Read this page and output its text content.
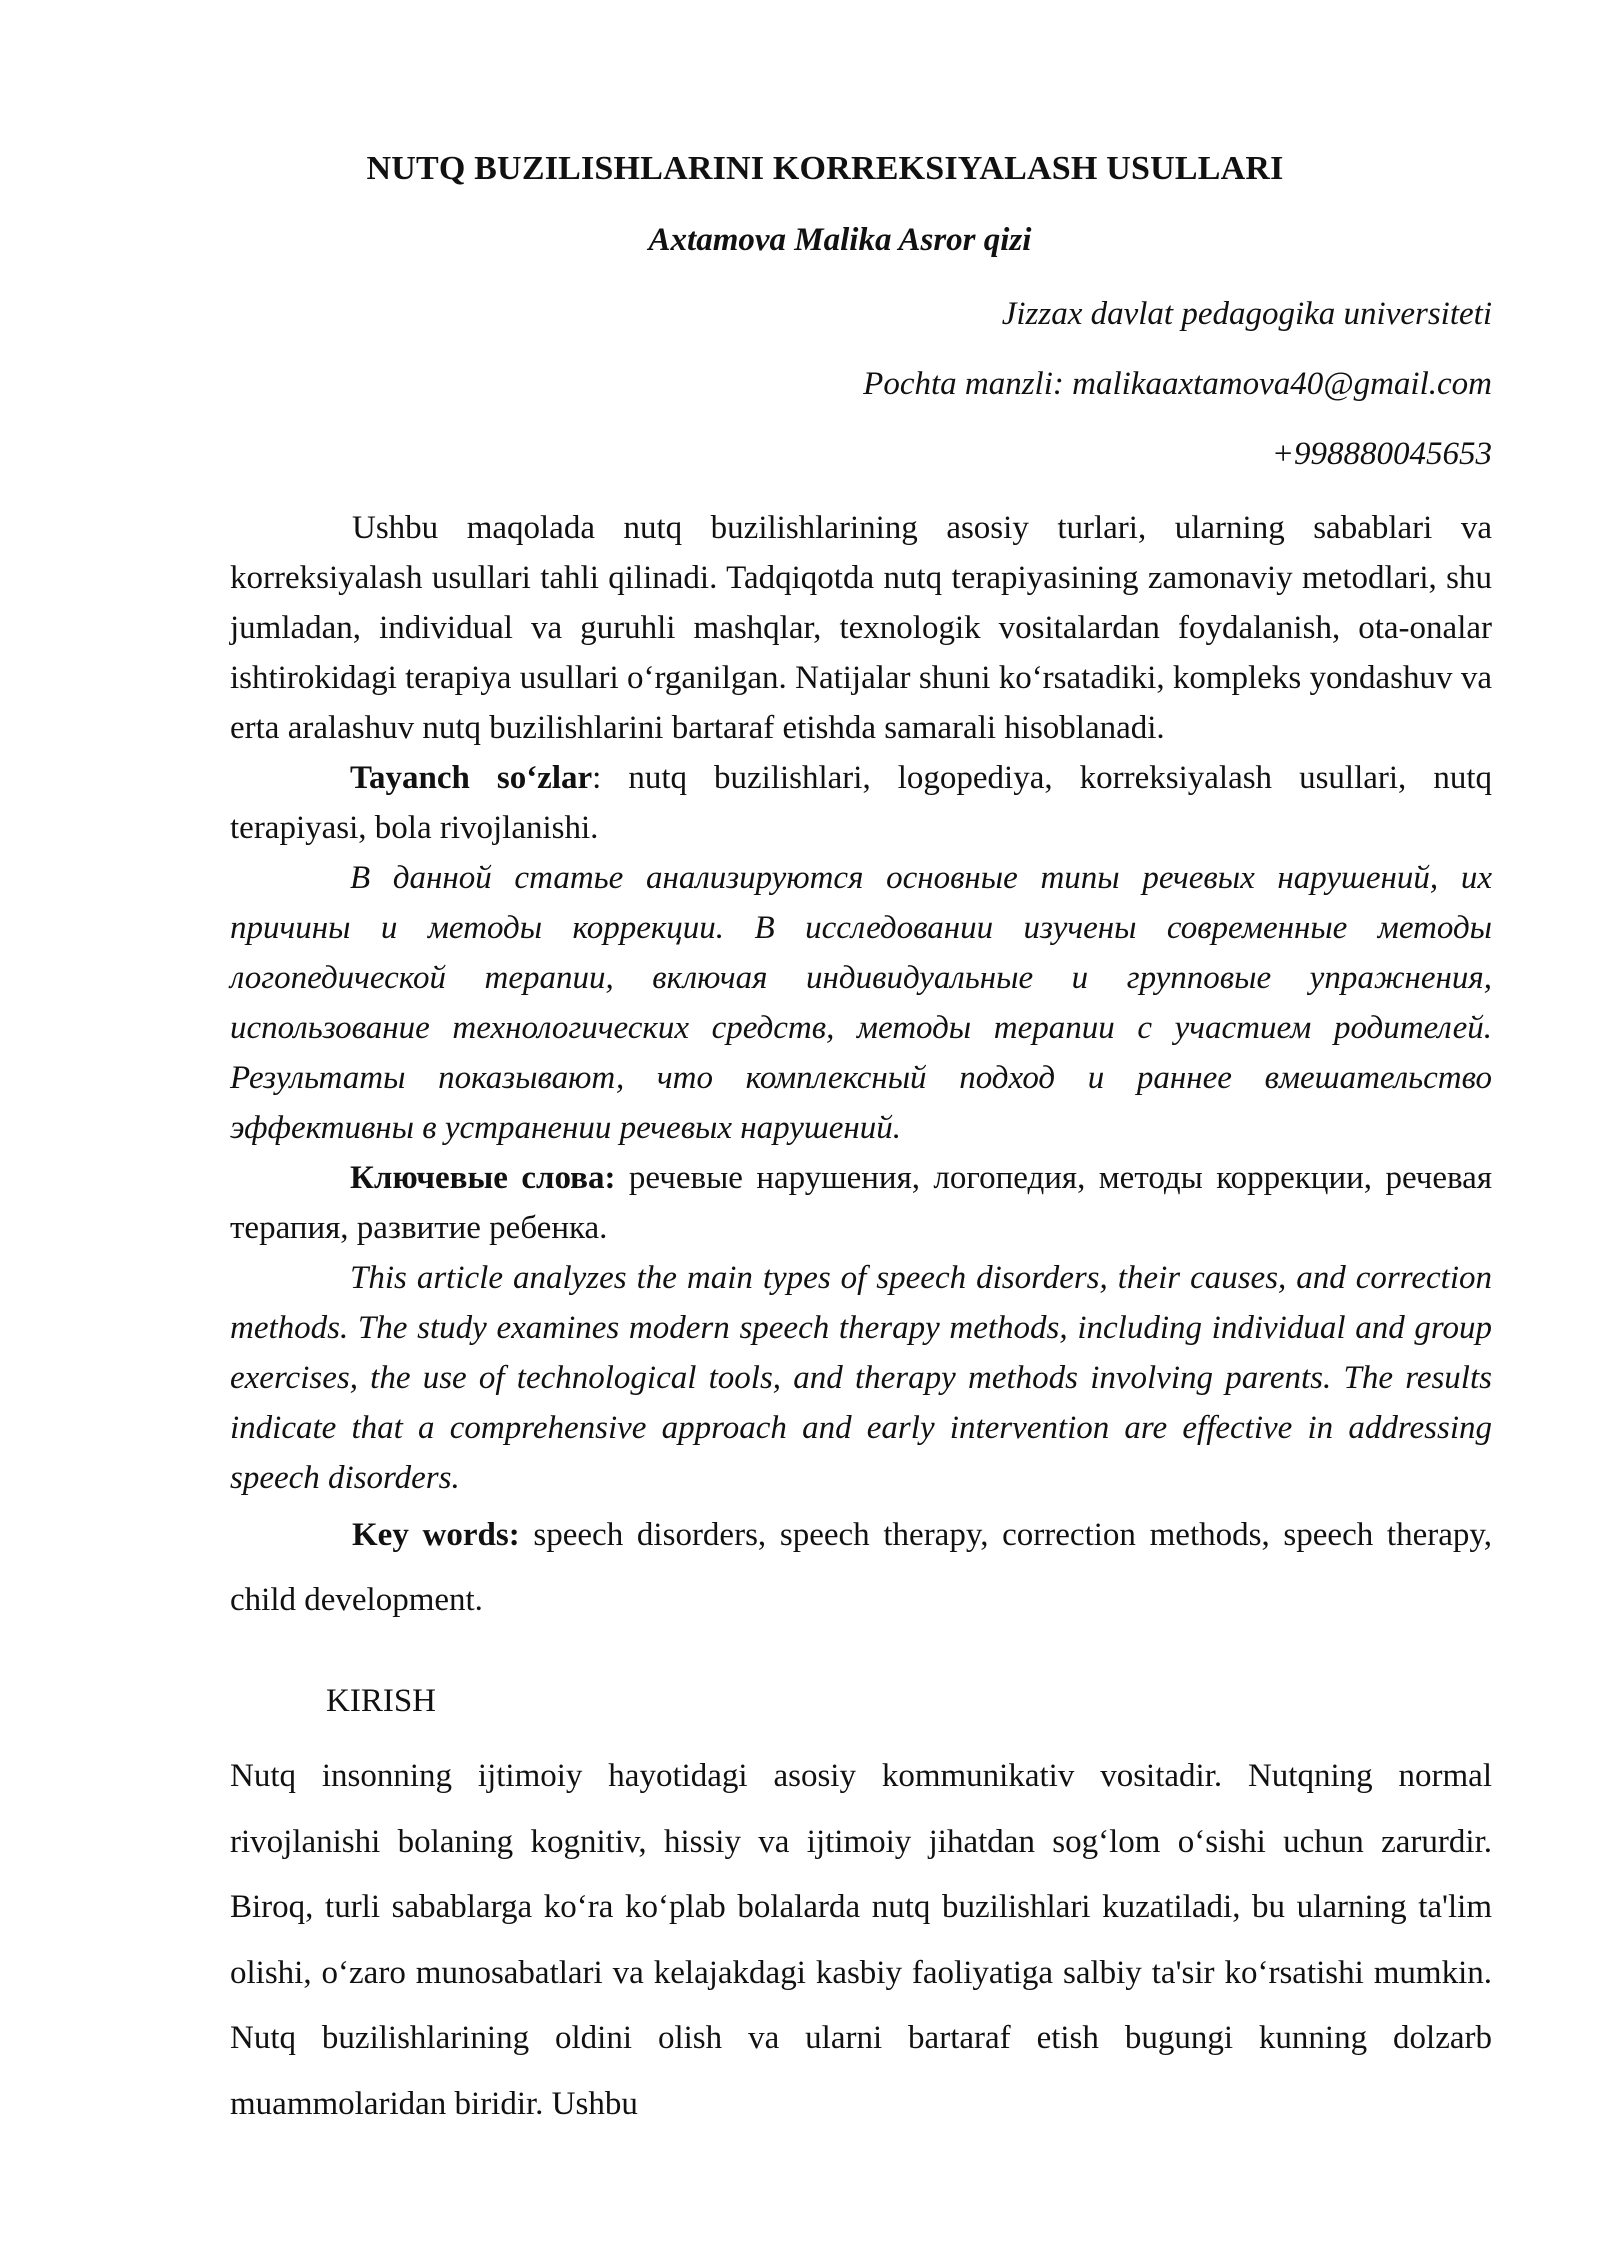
NUTQ BUZILISHLARINI KORREKSIYALASH USULLARI
Axtamova Malika Asror qizi
Jizzax davlat pedagogika universiteti
Pochta manzli: malikaaxtamova40@gmail.com
+998880045653

Ushbu maqolada nutq buzilishlarining asosiy turlari, ularning sabablari va korreksiyalash usullari tahli qilinadi. Tadqiqotda nutq terapiyasining zamonaviy metodlari, shu jumladan, individual va guruhli mashqlar, texnologik vositalardan foydalanish, ota-onalar ishtirokidagi terapiya usullari o‘rganilgan. Natijalar shuni ko‘rsatadiki, kompleks yondashuv va erta aralashuv nutq buzilishlarini bartaraf etishda samarali hisoblanadi.

Tayanch so‘zlar: nutq buzilishlari, logopediya, korreksiyalash usullari, nutq terapiyasi, bola rivojlanishi.

В данной статье анализируются основные типы речевых нарушений, их причины и методы коррекции. В исследовании изучены современные методы логопедической терапии, включая индивидуальные и групповые упражнения, использование технологических средств, методы терапии с участием родителей. Результаты показывают, что комплексный подход и раннее вмешательство эффективны в устранении речевых нарушений.

Ключевые слова: речевые нарушения, логопедия, методы коррекции, речевая терапия, развитие ребенка.

This article analyzes the main types of speech disorders, their causes, and correction methods. The study examines modern speech therapy methods, including individual and group exercises, the use of technological tools, and therapy methods involving parents. The results indicate that a comprehensive approach and early intervention are effective in addressing speech disorders.

Key words: speech disorders, speech therapy, correction methods, speech therapy, child development.

KIRISH
Nutq insonning ijtimoiy hayotidagi asosiy kommunikativ vositadir. Nutqning normal rivojlanishi bolaning kognitiv, hissiy va ijtimoiy jihatdan sog‘lom o‘sishi uchun zarurdir. Biroq, turli sabablarga ko‘ra ko‘plab bolalarda nutq buzilishlari kuzatiladi, bu ularning ta'lim olishi, o‘zaro munosabatlari va kelajakdagi kasbiy faoliyatiga salbiy ta'sir ko‘rsatishi mumkin. Nutq buzilishlarining oldini olish va ularni bartaraf etish bugungi kunning dolzarb muammolaridan biridir. Ushbu
